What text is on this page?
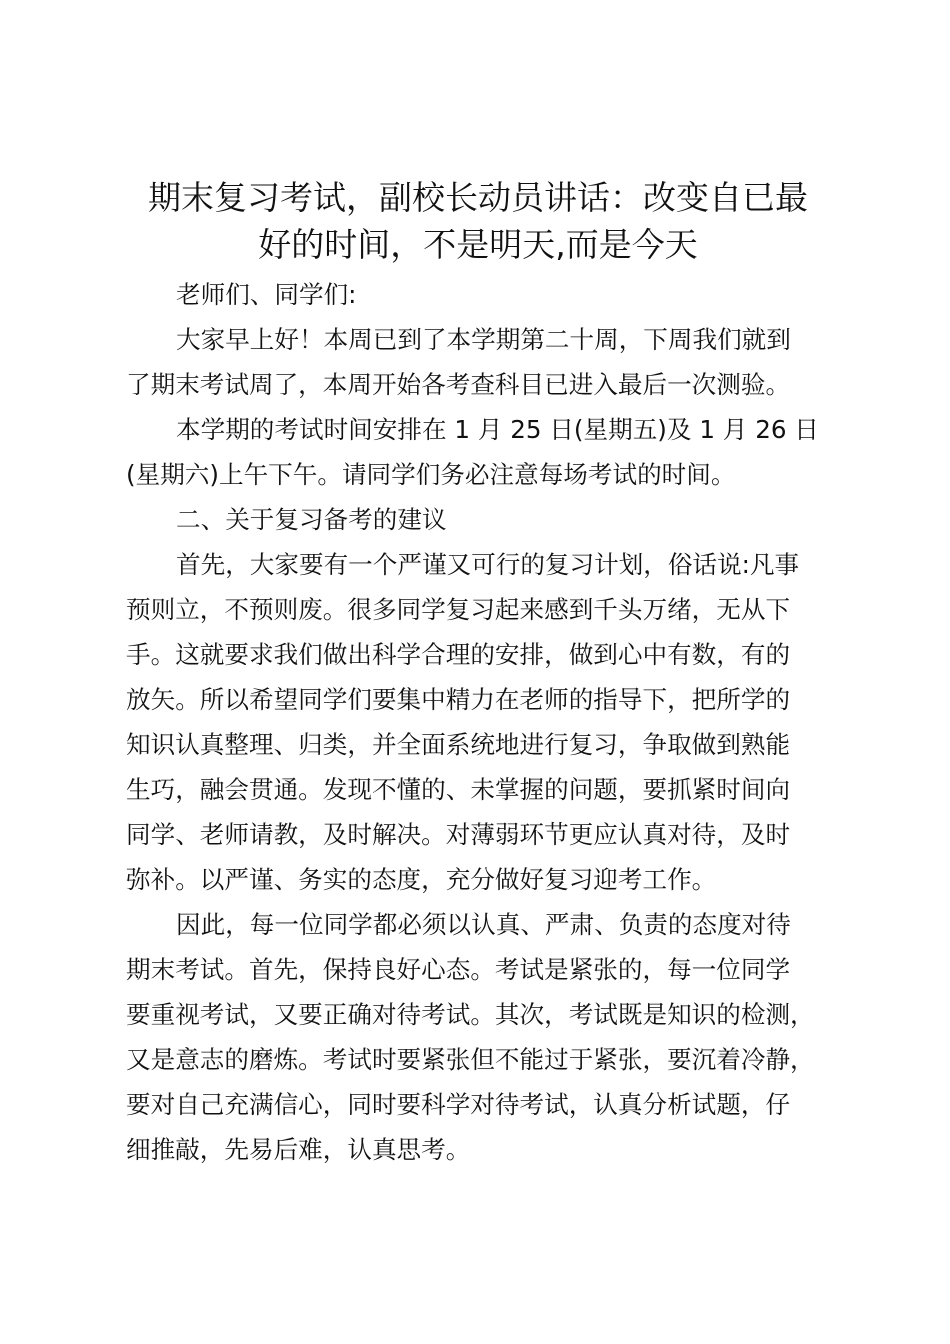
期末复习考试，副校长动员讲话：改变自已最
好的时间，不是明天,而是今天

老师们、同学们:

大家早上好！本周已到了本学期第二十周，下周我们就到
了期末考试周了，本周开始各考查科目已进入最后一次测验。

本学期的考试时间安排在 1 月 25 日(星期五)及 1 月 26 日
(星期六)上午下午。请同学们务必注意每场考试的时间。

二、关于复习备考的建议

首先，大家要有一个严谨又可行的复习计划，俗话说:凡事
预则立，不预则废。很多同学复习起来感到千头万绪，无从下
手。这就要求我们做出科学合理的安排，做到心中有数，有的
放矢。所以希望同学们要集中精力在老师的指导下，把所学的
知识认真整理、归类，并全面系统地进行复习，争取做到熟能
生巧，融会贯通。发现不懂的、未掌握的问题，要抓紧时间向
同学、老师请教，及时解决。对薄弱环节更应认真对待，及时
弥补。以严谨、务实的态度，充分做好复习迎考工作。

因此，每一位同学都必须以认真、严肃、负责的态度对待
期末考试。首先，保持良好心态。考试是紧张的，每一位同学
要重视考试，又要正确对待考试。其次，考试既是知识的检测，
又是意志的磨炼。考试时要紧张但不能过于紧张，要沉着冷静，
要对自己充满信心，同时要科学对待考试，认真分析试题，仔
细推敲，先易后难，认真思考。
